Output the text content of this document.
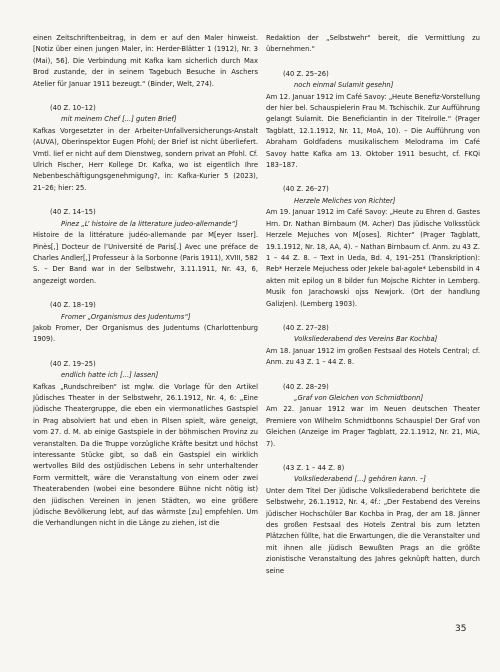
einen Zeitschriftenbeitrag, in dem er auf den Maler hinweist. [Notiz über einen jungen Maler, in: Herder-Blätter 1 (1912), Nr. 3 (Mai), 56]. Die Verbindung mit Kafka kam sicherlich durch Max Brod zustande, der in seinem Tagebuch Besuche in Aschers Atelier für Januar 1911 bezeugt.“ (Binder, Welt, 274).

(40 Z. 10–12)

mit meinem Chef [...] guten Brief]

Kafkas Vorgesetzter in der Arbeiter-Unfallversicherungs-Anstalt (AUVA), Oberinspektor Eugen Pfohl; der Brief ist nicht überliefert. Vmtl. lief er nicht auf dem Dienstweg, sondern privat an Pfohl. Cf. Ulrich Fischer, Herr Kollege Dr. Kafka, wo ist eigentlich Ihre Nebenbeschäftigungsgenehmigung?, in: Kafka-Kurier 5 (2023), 21–26; hier: 25.

(40 Z. 14–15)

Pinez „L’ histoire de la litterature judeo-allemande“]

Histoire de la littérature judéo-allemande par M[eyer Isser]. Pinès[,] Docteur de l’Université de Paris[.] Avec une préface de Charles Andler[,] Professeur à la Sorbonne (Paris 1911), XVIII, 582 S. – Der Band war in der Selbstwehr, 3.11.1911, Nr. 43, 6, angezeigt worden.

(40 Z. 18–19)

Fromer „Organismus des Judentums“]

Jakob Fromer, Der Organismus des Judentums (Charlottenburg 1909).

(40 Z. 19–25)

endlich hatte ich [...] lassen]

Kafkas „Rundschreiben“ ist mglw. die Vorlage für den Artikel Jüdisches Theater in der Selbstwehr, 26.1.1912, Nr. 4, 6: „Eine jüdische Theatergruppe, die eben ein viermonatliches Gastspiel in Prag absolviert hat und eben in Pilsen spielt, wäre geneigt, vom 27. d. M. ab einige Gastspiele in der böhmischen Provinz zu veranstalten. Da die Truppe vorzügliche Kräfte besitzt und höchst interessante Stücke gibt, so daß ein Gastspiel ein wirklich wertvolles Bild des ostjüdischen Lebens in sehr unterhaltender Form vermittelt, wäre die Veranstaltung von einem oder zwei Theaterabenden (wobei eine besondere Bühne nicht nötig ist) den jüdischen Vereinen in jenen Städten, wo eine größere jüdische Bevölkerung lebt, auf das wärmste [zu] empfehlen. Um die Verhandlungen nicht in die Länge zu ziehen, ist die

Redaktion der „Selbstwehr“ bereit, die Vermittlung zu übernehmen.“

(40 Z. 25–26)

noch einmal Sulamit gesehn]

Am 12. Januar 1912 im Café Savoy: „Heute Benefiz-Vorstellung der hier bel. Schauspielerin Frau M. Tschischik. Zur Aufführung gelangt Sulamit. Die Beneficiantin in der Titelrolle.“ (Prager Tagblatt, 12.1.1912, Nr. 11, MoA, 10). – Die Aufführung von Abraham Goldfadens musikalischem Melodrama im Café Savoy hatte Kafka am 13. Oktober 1911 besucht, cf. FKQi 183–187.

(40 Z. 26–27)

Herzele Meliches von Richter]

Am 19. Januar 1912 im Café Savoy: „Heute zu Ehren d. Gastes Hrn. Dr. Nathan Birnbaum (M. Acher) Das jüdische Volksstück Herzele Mejuches von M[oses]. Richter“ (Prager Tagblatt, 19.1.1912, Nr. 18, AA, 4). – Nathan Birnbaum cf. Anm. zu 43 Z. 1 – 44 Z. 8. – Text in Ueda, Bd. 4, 191–251 (Transkription): Reb* Herzele Mejuchess oder Jekele bal-agole* Lebensbild in 4 akten mit epilog un 8 bilder fun Mojsche Richter in Lemberg. Musik fon Jarachowski ojss Newjork. (Ort der handlung Galizjen). (Lemberg 1903).

(40 Z. 27–28)

Volksliederabend des Vereins Bar Kochba]

Am 18. Januar 1912 im großen Festsaal des Hotels Central; cf. Anm. zu 43 Z. 1 – 44 Z. 8.

(40 Z. 28–29)

„Graf von Gleichen von Schmidtbonn]

Am 22. Januar 1912 war im Neuen deutschen Theater Premiere von Wilhelm Schmidtbonns Schauspiel Der Graf von Gleichen (Anzeige im Prager Tagblatt, 22.1.1912, Nr. 21, MiA, 7).

(43 Z. 1 – 44 Z. 8)

Volksliederabend [...] gehören kann. –]

Unter dem Titel Der jüdische Volksliederabend berichtete die Selbstwehr, 26.1.1912, Nr. 4, 4f.: „Der Festabend des Vereins jüdischer Hochschüler Bar Kochba in Prag, der am 18. Jänner des großen Festsaal des Hotels Zentral bis zum letzten Plätzchen füllte, hat die Erwartungen, die die Veranstalter und mit ihnen alle jüdisch Bewußten Prags an die größte zionistische Veranstaltung des Jahres geknüpft hatten, durch seine

35
